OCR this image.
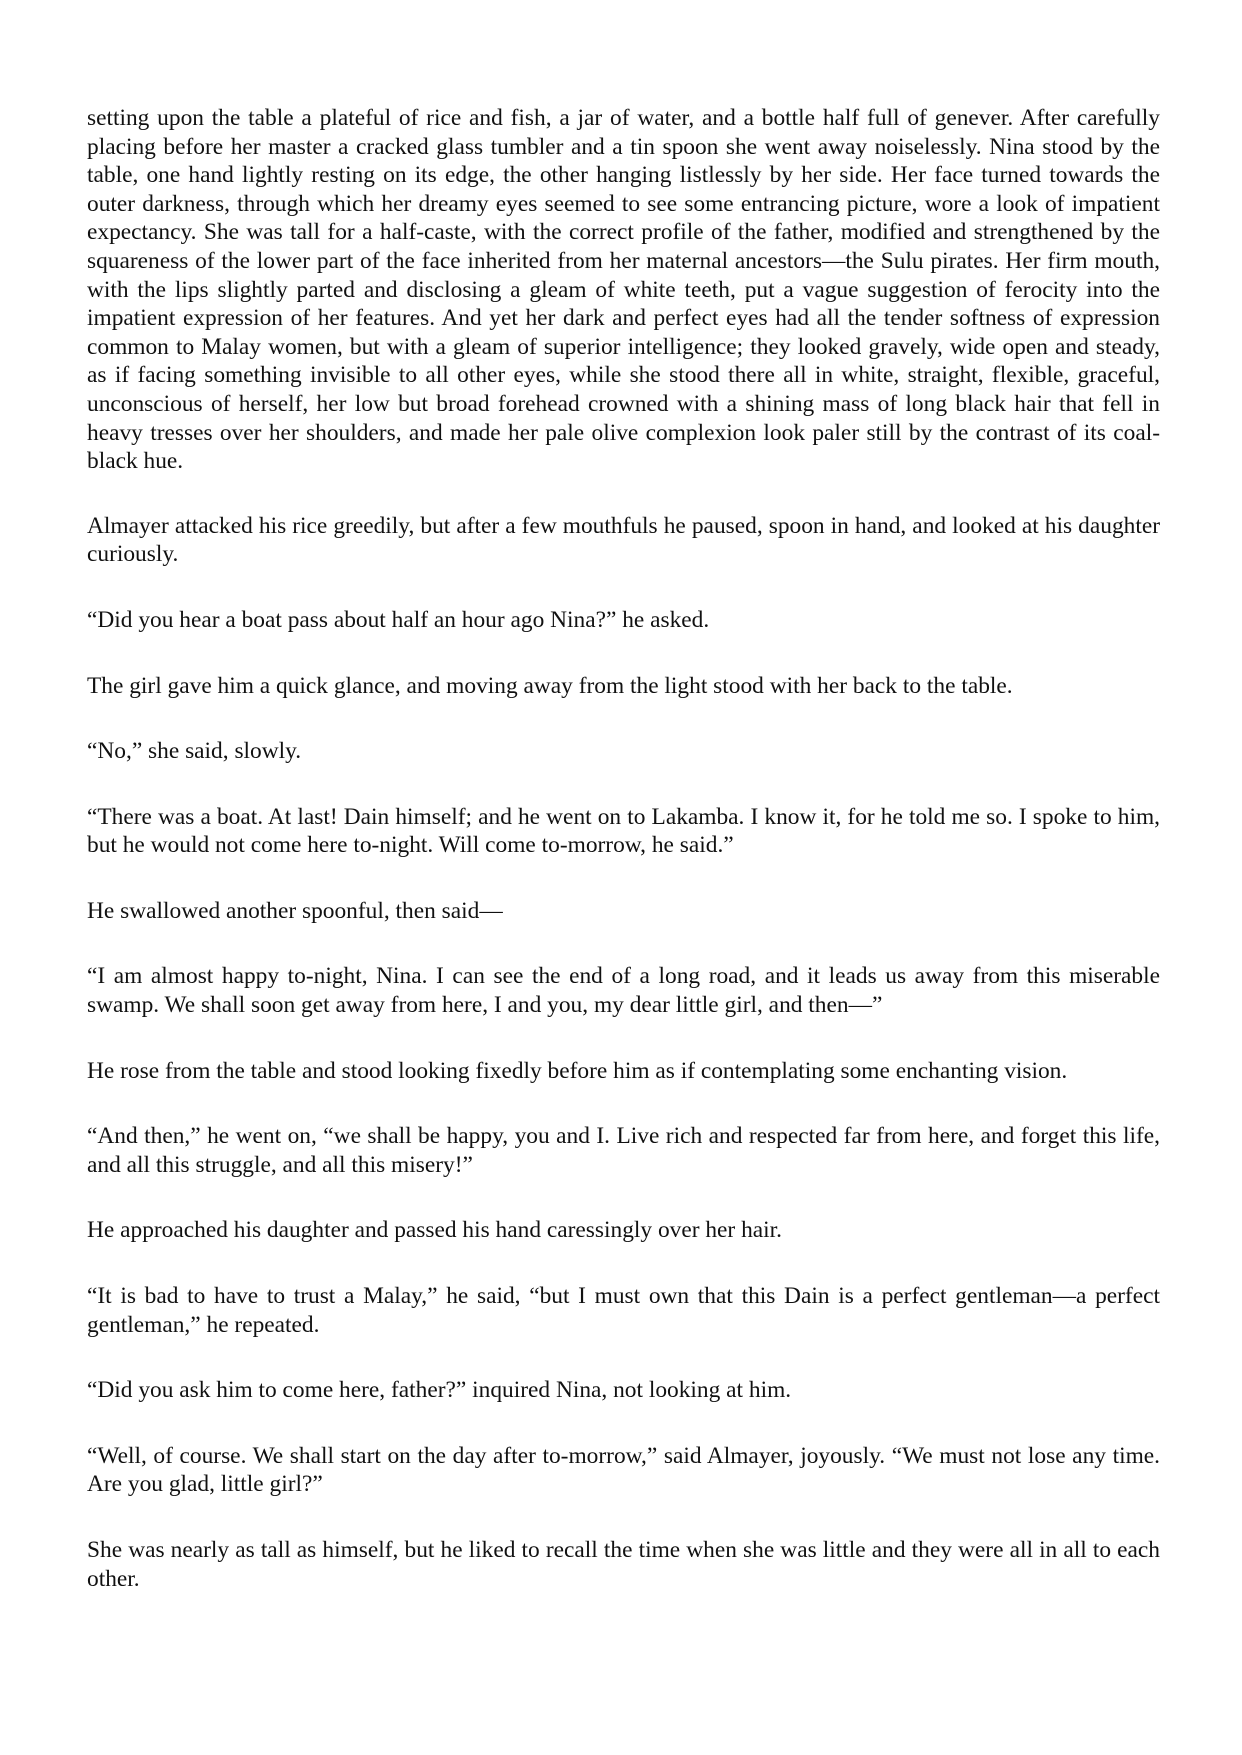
setting upon the table a plateful of rice and fish, a jar of water, and a bottle half full of genever. After carefully placing before her master a cracked glass tumbler and a tin spoon she went away noiselessly. Nina stood by the table, one hand lightly resting on its edge, the other hanging listlessly by her side. Her face turned towards the outer darkness, through which her dreamy eyes seemed to see some entrancing picture, wore a look of impatient expectancy. She was tall for a half-caste, with the correct profile of the father, modified and strengthened by the squareness of the lower part of the face inherited from her maternal ancestors—the Sulu pirates. Her firm mouth, with the lips slightly parted and disclosing a gleam of white teeth, put a vague suggestion of ferocity into the impatient expression of her features. And yet her dark and perfect eyes had all the tender softness of expression common to Malay women, but with a gleam of superior intelligence; they looked gravely, wide open and steady, as if facing something invisible to all other eyes, while she stood there all in white, straight, flexible, graceful, unconscious of herself, her low but broad forehead crowned with a shining mass of long black hair that fell in heavy tresses over her shoulders, and made her pale olive complexion look paler still by the contrast of its coal-black hue.

Almayer attacked his rice greedily, but after a few mouthfuls he paused, spoon in hand, and looked at his daughter curiously.

“Did you hear a boat pass about half an hour ago Nina?” he asked.

The girl gave him a quick glance, and moving away from the light stood with her back to the table.

“No,” she said, slowly.

“There was a boat. At last! Dain himself; and he went on to Lakamba. I know it, for he told me so. I spoke to him, but he would not come here to-night. Will come to-morrow, he said.”

He swallowed another spoonful, then said—

“I am almost happy to-night, Nina. I can see the end of a long road, and it leads us away from this miserable swamp. We shall soon get away from here, I and you, my dear little girl, and then—”

He rose from the table and stood looking fixedly before him as if contemplating some enchanting vision.

“And then,” he went on, “we shall be happy, you and I. Live rich and respected far from here, and forget this life, and all this struggle, and all this misery!”

He approached his daughter and passed his hand caressingly over her hair.

“It is bad to have to trust a Malay,” he said, “but I must own that this Dain is a perfect gentleman—a perfect gentleman,” he repeated.

“Did you ask him to come here, father?” inquired Nina, not looking at him.

“Well, of course. We shall start on the day after to-morrow,” said Almayer, joyously. “We must not lose any time. Are you glad, little girl?”

She was nearly as tall as himself, but he liked to recall the time when she was little and they were all in all to each other.
